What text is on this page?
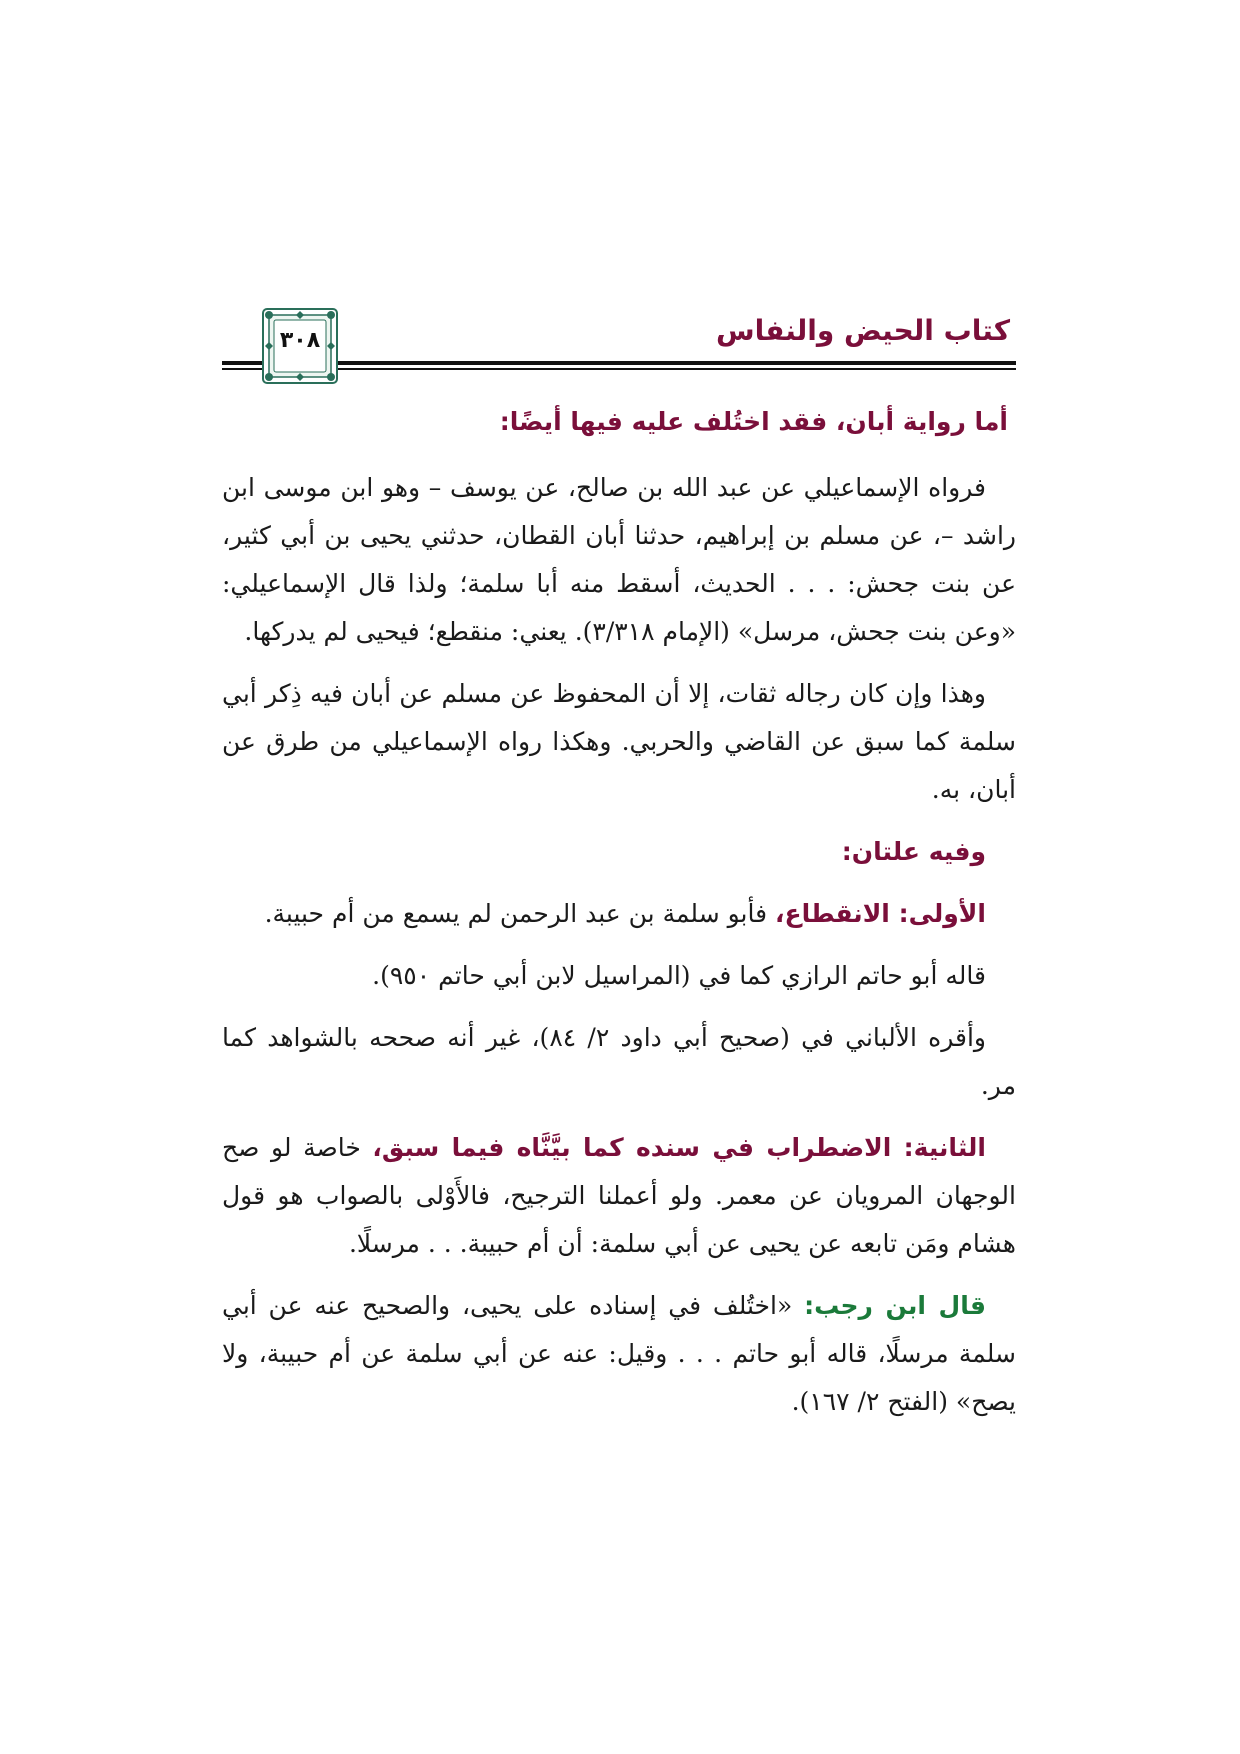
كتاب الحيض والنفاس
٣٠٨
أما رواية أبان، فقد اختُلف عليه فيها أيضًا:

فرواه الإسماعيلي عن عبد الله بن صالح، عن يوسف – وهو ابن موسى ابن راشد –، عن مسلم بن إبراهيم، حدثنا أبان القطان، حدثني يحيى بن أبي كثير، عن بنت جحش: . . . الحديث، أسقط منه أبا سلمة؛ ولذا قال الإسماعيلي: «وعن بنت جحش، مرسل» (الإمام ٣/٣١٨). يعني: منقطع؛ فيحيى لم يدركها.

وهذا وإن كان رجاله ثقات، إلا أن المحفوظ عن مسلم عن أبان فيه ذِكر أبي سلمة كما سبق عن القاضي والحربي. وهكذا رواه الإسماعيلي من طرق عن أبان، به.

وفيه علتان:

الأولى: الانقطاع، فأبو سلمة بن عبد الرحمن لم يسمع من أم حبيبة.

قاله أبو حاتم الرازي كما في (المراسيل لابن أبي حاتم ٩٥٠).

وأقره الألباني في (صحيح أبي داود ٢/ ٨٤)، غير أنه صححه بالشواهد كما مر.

الثانية: الاضطراب في سنده كما بيَّنَّاه فيما سبق، خاصة لو صح الوجهان المرويان عن معمر. ولو أعملنا الترجيح، فالأَوْلى بالصواب هو قول هشام ومَن تابعه عن يحيى عن أبي سلمة: أن أم حبيبة. . . مرسلًا.

قال ابن رجب: «اختُلف في إسناده على يحيى، والصحيح عنه عن أبي سلمة مرسلًا، قاله أبو حاتم . . . وقيل: عنه عن أبي سلمة عن أم حبيبة، ولا يصح» (الفتح ٢/ ١٦٧).
